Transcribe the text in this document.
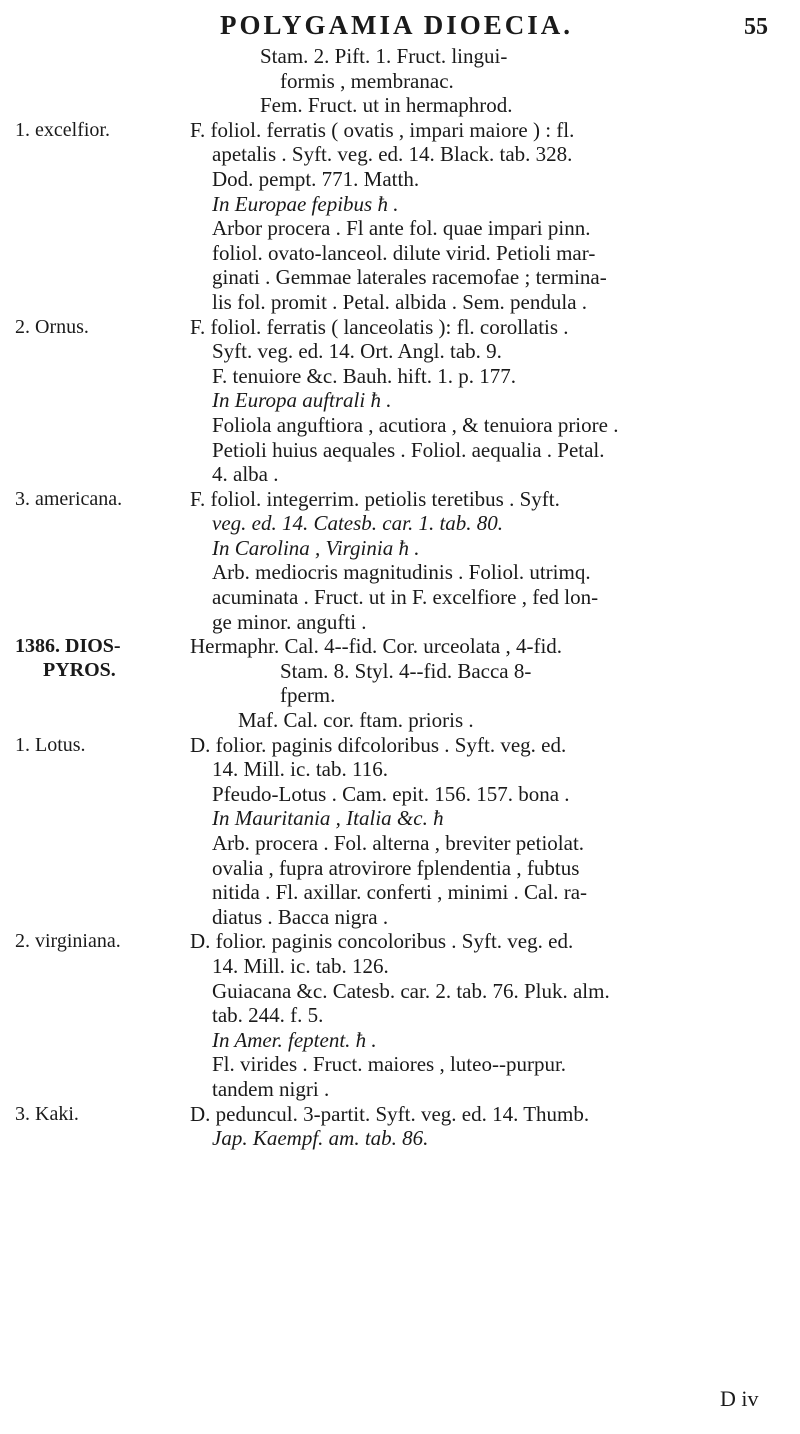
POLYGAMIA DIOECIA.	55
Stam. 2. Pift. 1. Fruct. lingui-
formis , membranac.
Fem. Fruct. ut in hermaphrod.
1. excelfior.	F. foliol. ferratis ( ovatis , impari maiore ) : fl.
apetalis . Syft. veg. ed. 14. Black. tab. 328.
Dod. pempt. 771. Matth.
In Europae fepibus ħ .
Arbor procera . Fl ante fol. quae impari pinn.
foliol. ovato-lanceol. dilute virid. Petioli mar-
ginati . Gemmae laterales racemofae ; termina-
lis fol. promit . Petal. albida . Sem. pendula .
2. Ornus.	F. foliol. ferratis ( lanceolatis ): fl. corollatis .
Syft. veg. ed. 14. Ort. Angl. tab. 9.
F. tenuiore &c. Bauh. hift. 1. p. 177.
In Europa auftrali ħ .
Foliola anguftiora , acutiora , & tenuiora priore .
Petioli huius aequales . Foliol. aequalia . Petal.
4. alba .
3. americana.	F. foliol. integerrim. petiolis teretibus . Syft.
veg. ed. 14. Catesb. car. 1. tab. 80.
In Carolina , Virginia ħ .
Arb. mediocris magnitudinis . Foliol. utrimq.
acuminata . Fruct. ut in F. excelfiore , fed lon-
ge minor. angufti .
1386. DIOS-
PYROS.
Hermaphr. Cal. 4--fid. Cor. urceolata , 4-fid.
Stam. 8. Styl. 4--fid. Bacca 8-
fperm.
Maf. Cal. cor. ftam. prioris .
1. Lotus.	D. folior. paginis difcoloribus . Syft. veg. ed.
14. Mill. ic. tab. 116.
Pfeudo-Lotus . Cam. epit. 156. 157. bona .
In Mauritania , Italia &c. ħ
Arb. procera . Fol. alterna , breviter petiolat.
ovalia , fupra atrovirore fplendentia , fubtus
nitida . Fl. axillar. conferti , minimi . Cal. ra-
diatus . Bacca nigra .
2. virginiana.	D. folior. paginis concoloribus . Syft. veg. ed.
14. Mill. ic. tab. 126.
Guiacana &c. Catesb. car. 2. tab. 76. Pluk. alm.
tab. 244. f. 5.
In Amer. feptent. ħ .
Fl. virides . Fruct. maiores , luteo--purpur.
tandem nigri .
3. Kaki.	D. peduncul. 3-partit. Syft. veg. ed. 14. Thumb.
Jap. Kaempf. am. tab. 86.
D iv
